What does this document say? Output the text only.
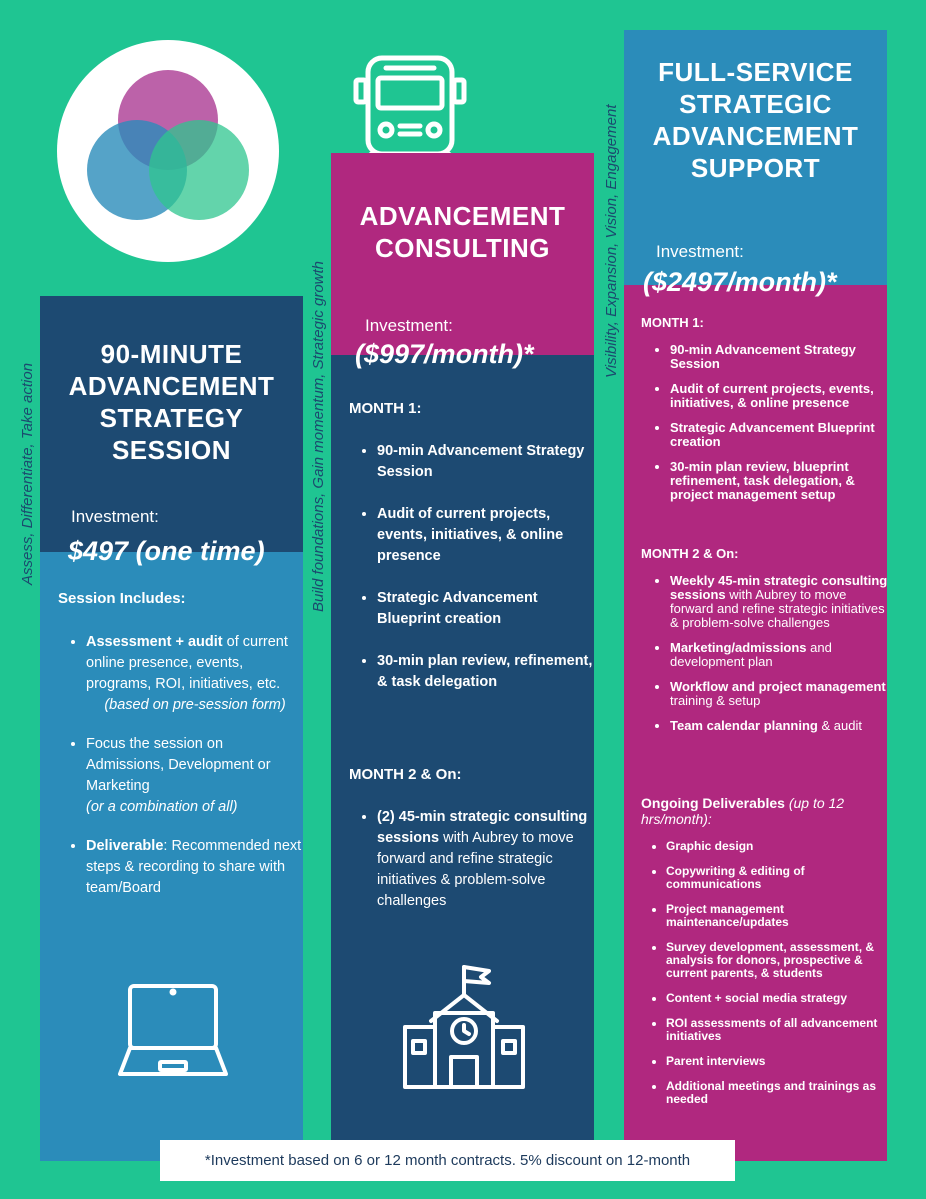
Assess, Differentiate, Take action	Build foundations, Gain momentum, Strategic growth
Visibility, Expansion, Vision, Engagement
90-MINUTE
ADVANCEMENT
STRATEGY
SESSION
Investment:
$497 (one time)
Session Includes:
• Assessment + audit of current online presence, events, programs, ROI, initiatives, etc.

(based on pre-session form)
• Focus the session on Admissions, Development or Marketing
(or a combination of all)
• Deliverable: Recommended next steps & recording to share with team/Board
ADVANCEMENT
CONSULTING
Investment:
($997/month)*
MONTH 1:
• 90-min Advancement Strategy Session
• Audit of current projects, events, initiatives, & online presence
• Strategic Advancement Blueprint creation
• 30-min plan review, refinement, & task delegation
MONTH 2 & On:
• (2) 45-min strategic consulting sessions with Aubrey to move forward and refine strategic initiatives & problem-solve challenges
FULL-SERVICE
STRATEGIC
ADVANCEMENT
SUPPORT
Investment:
($2497/month)*
MONTH 1:
• 90-min Advancement Strategy Session
• Audit of current projects, events, initiatives, & online presence
• Strategic Advancement Blueprint creation
• 30-min plan review, blueprint refinement, task delegation, & project management setup
MONTH 2 & On:
• Weekly 45-min strategic consulting sessions with Aubrey to move forward and refine strategic initiatives & problem-solve challenges
• Marketing/admissions and development plan
• Workflow and project management training & setup
• Team calendar planning & audit
Ongoing Deliverables (up to 12 hrs/month):
• Graphic design
• Copywriting & editing of communications
• Project management maintenance/updates
• Survey development, assessment, & analysis for donors, prospective & current parents, & students
• Content + social media strategy
• ROI assessments of all advancement initiatives
• Parent interviews
• Additional meetings and trainings as needed
*Investment based on 6 or 12 month contracts. 5% discount on 12-month
